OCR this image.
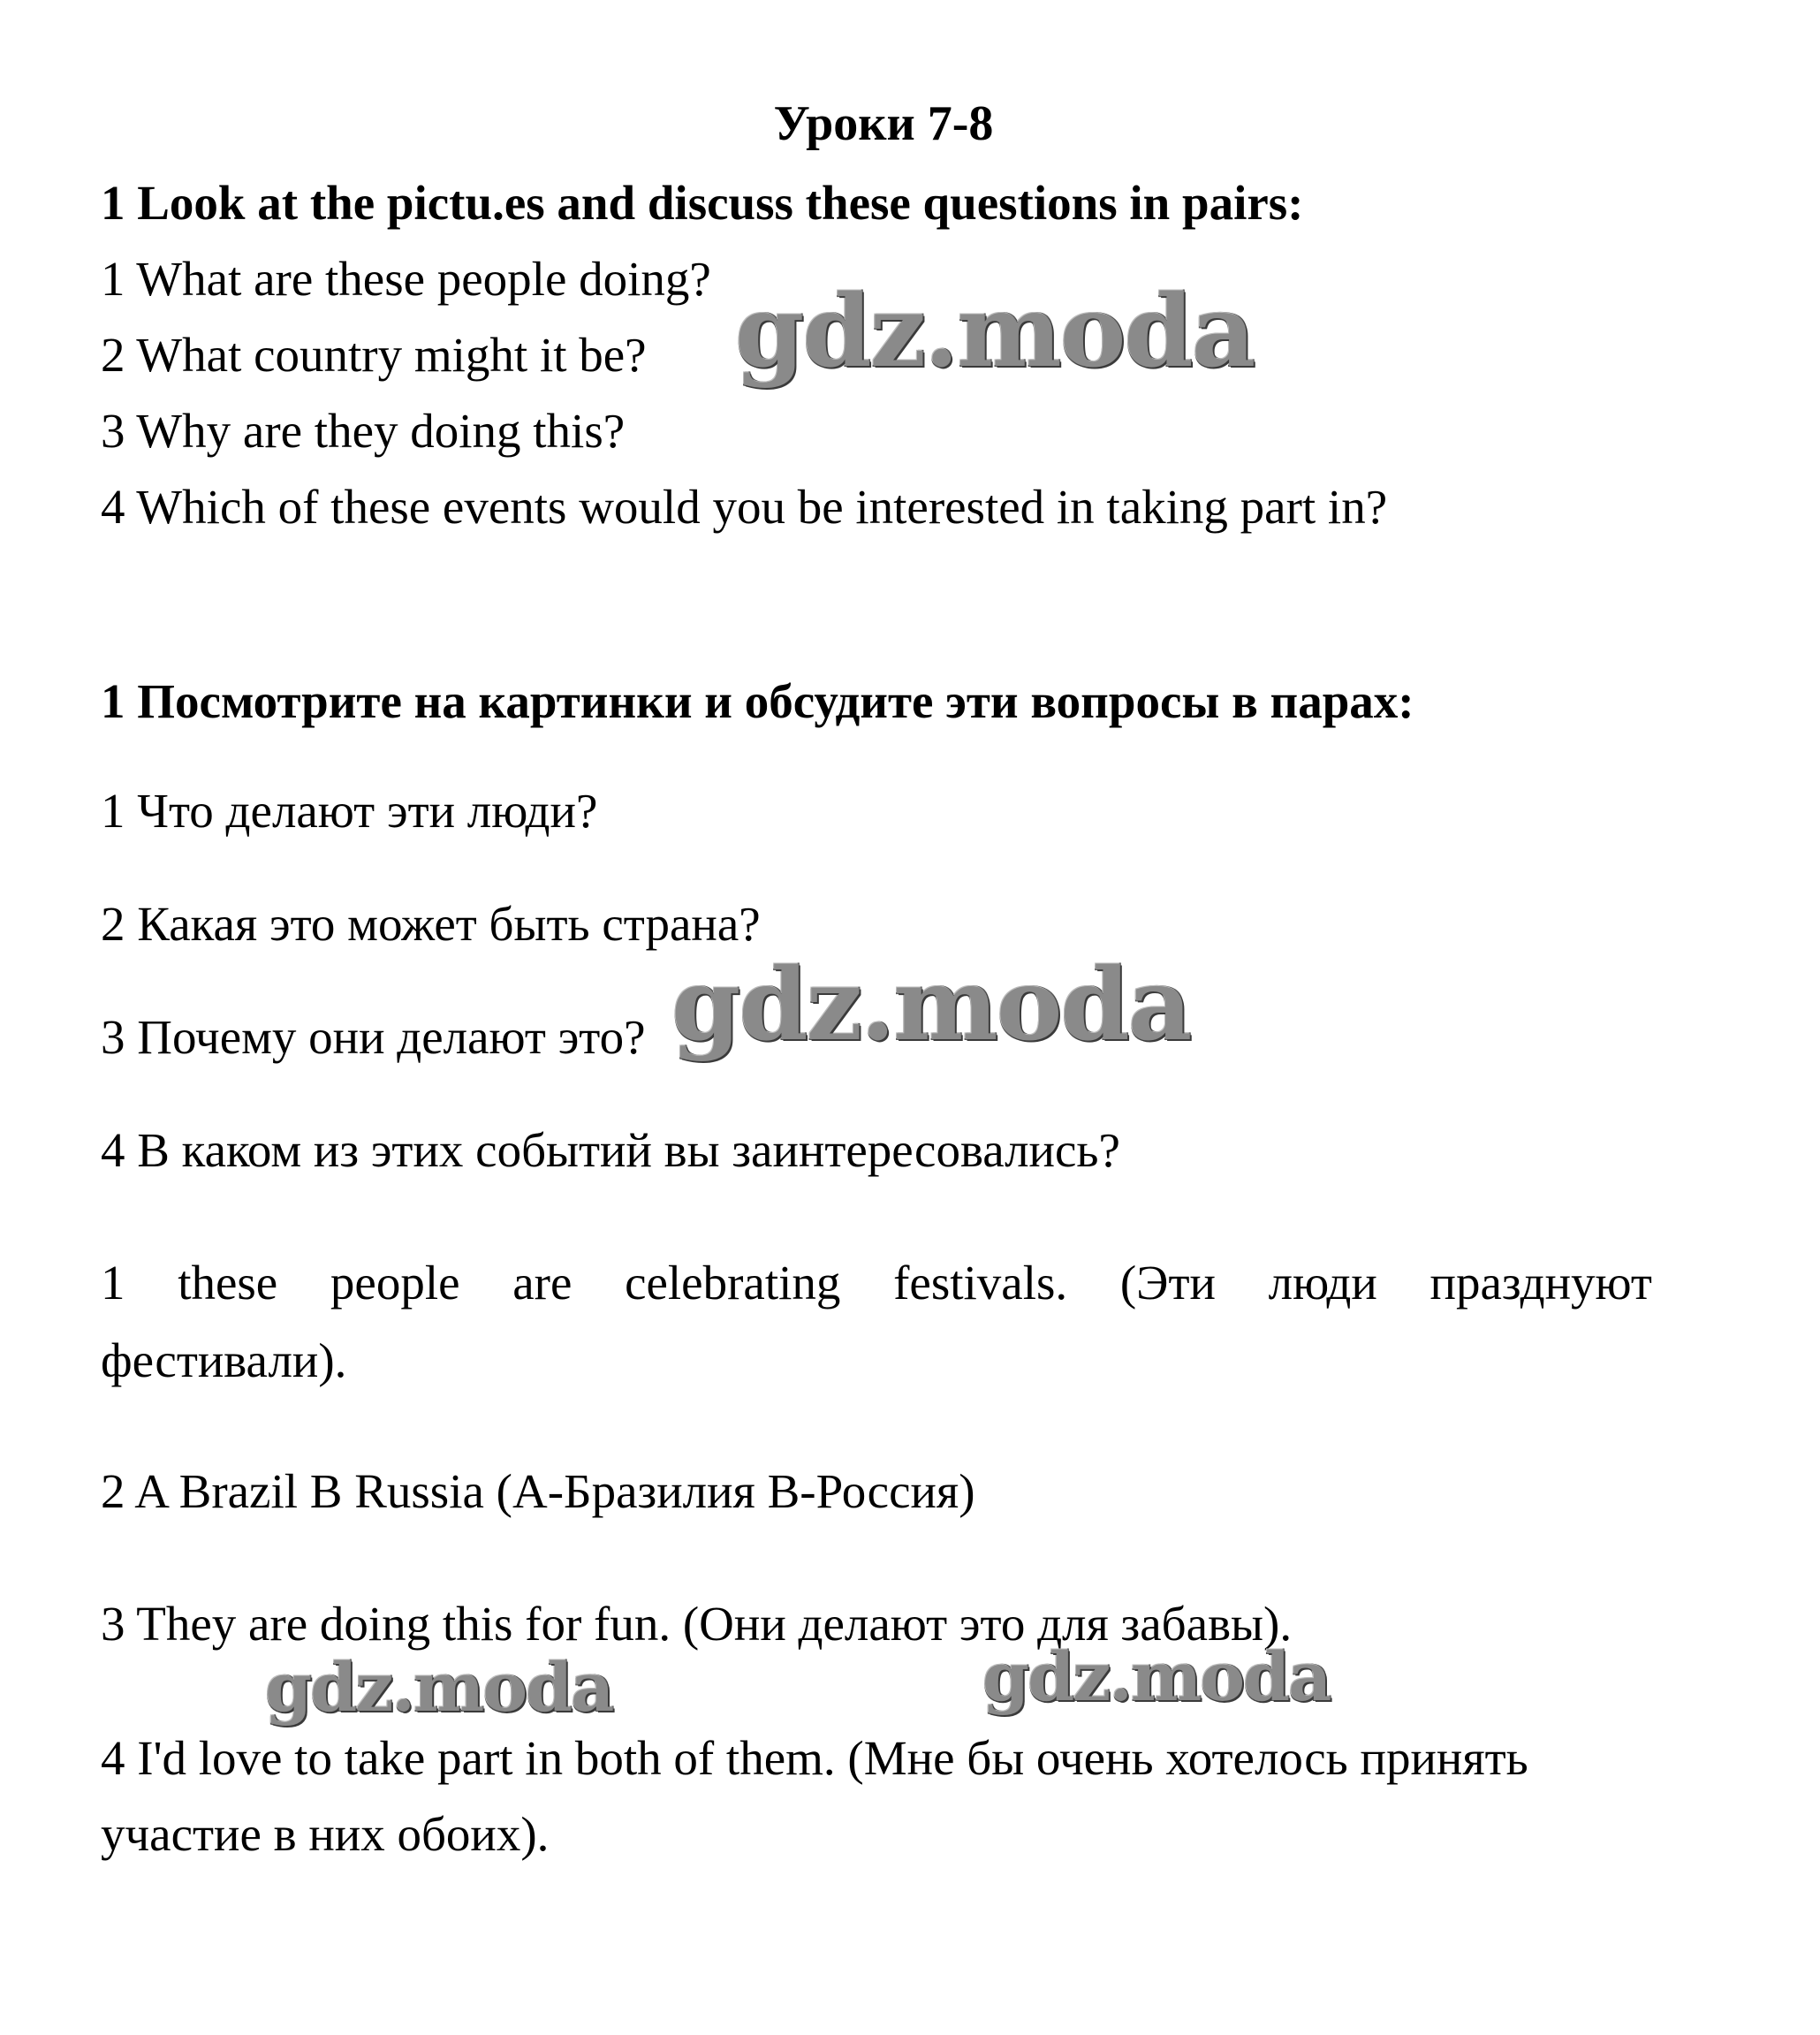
Уроки 7-8
1 Look at the pictu.es and discuss these questions in pairs:
1 What are these people doing?
2 What country might it be?
3 Why are they doing this?
4 Which of these events would you be interested in taking part in?
1 Посмотрите на картинки и обсудите эти вопросы в парах:
1 Что делают эти люди?
2 Какая это может быть страна?
3 Почему они делают это?
4 В каком из этих событий вы заинтересовались?
1 these people are celebrating festivals. (Эти люди празднуют
фестивали).
2 A Brazil B Russia (А-Бразилия В-Россия)
3 They are doing this for fun. (Они делают это для забавы).
4 I'd love to take part in both of them. (Мне бы очень хотелось принять
участие в них обоих).
gdz.moda
gdz.moda
gdz.moda	gdz.moda
